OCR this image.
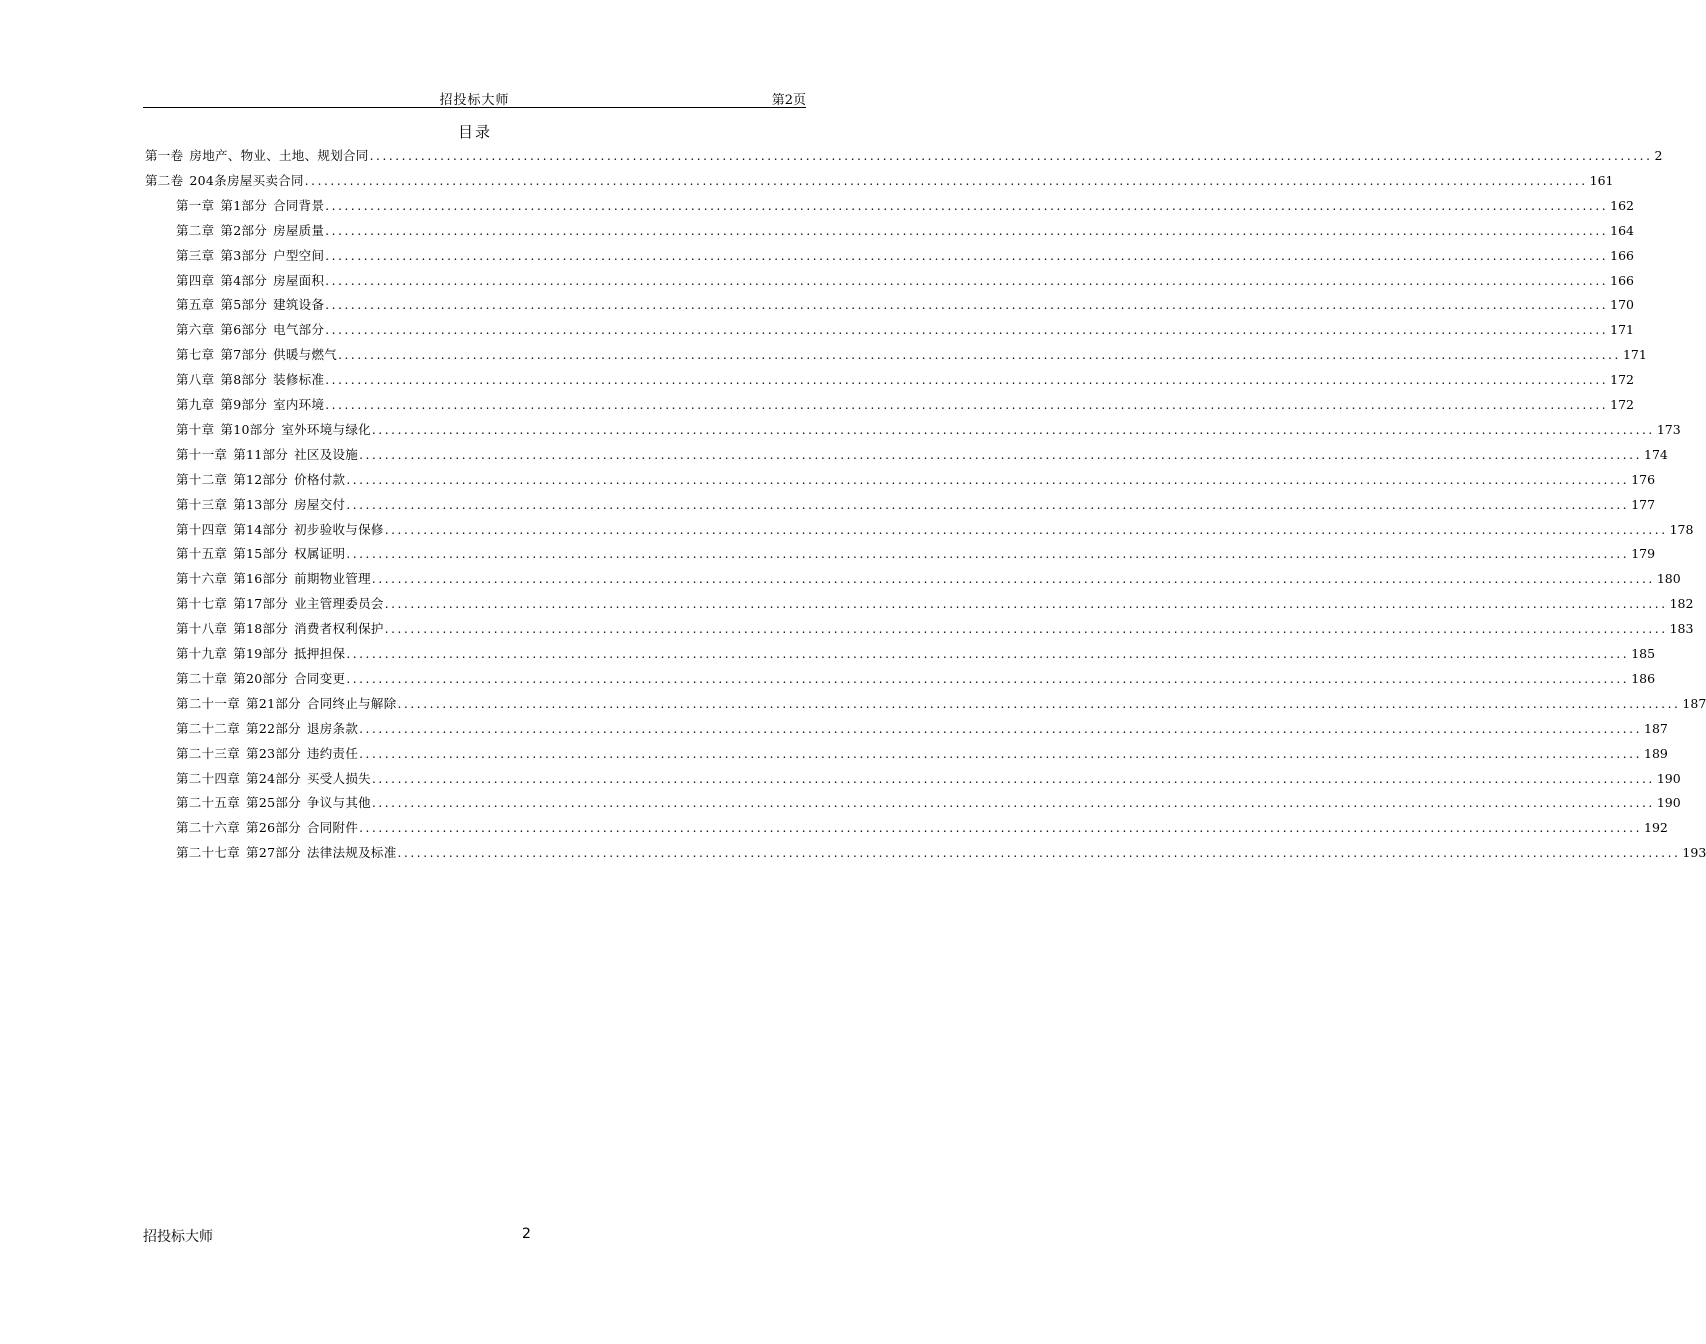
招投标大师	第2页
目录
第一卷 房地产、物业、土地、规划合同 ........................................................................................................................................................................................................ 2
第二卷 204条房屋买卖合同 ........................................................................................................................................................................................................ 161
第一章 第1部分 合同背景 ........................................................................................................................................................................................................ 162
第二章 第2部分 房屋质量 ........................................................................................................................................................................................................ 164
第三章 第3部分 户型空间 ........................................................................................................................................................................................................ 166
第四章 第4部分 房屋面积 ........................................................................................................................................................................................................ 166
第五章 第5部分 建筑设备 ........................................................................................................................................................................................................ 170
第六章 第6部分 电气部分 ........................................................................................................................................................................................................ 171
第七章 第7部分 供暖与燃气 ........................................................................................................................................................................................................ 171
第八章 第8部分 装修标准 ........................................................................................................................................................................................................ 172
第九章 第9部分 室内环境 ........................................................................................................................................................................................................ 172
第十章 第10部分 室外环境与绿化 ........................................................................................................................................................................................................ 173
第十一章 第11部分 社区及设施 ........................................................................................................................................................................................................ 174
第十二章 第12部分 价格付款 ........................................................................................................................................................................................................ 176
第十三章 第13部分 房屋交付 ........................................................................................................................................................................................................ 177
第十四章 第14部分 初步验收与保修 ........................................................................................................................................................................................................ 178
第十五章 第15部分 权属证明 ........................................................................................................................................................................................................ 179
第十六章 第16部分 前期物业管理 ........................................................................................................................................................................................................ 180
第十七章 第17部分 业主管理委员会 ........................................................................................................................................................................................................ 182
第十八章 第18部分 消费者权利保护 ........................................................................................................................................................................................................ 183
第十九章 第19部分 抵押担保 ........................................................................................................................................................................................................ 185
第二十章 第20部分 合同变更 ........................................................................................................................................................................................................ 186
第二十一章 第21部分 合同终止与解除 ........................................................................................................................................................................................................ 187
第二十二章 第22部分 退房条款 ........................................................................................................................................................................................................ 187
第二十三章 第23部分 违约责任 ........................................................................................................................................................................................................ 189
第二十四章 第24部分 买受人损失 ........................................................................................................................................................................................................ 190
第二十五章 第25部分 争议与其他 ........................................................................................................................................................................................................ 190
第二十六章 第26部分 合同附件 ........................................................................................................................................................................................................ 192
第二十七章 第27部分 法律法规及标准 ........................................................................................................................................................................................................ 193
招投标大师	2
